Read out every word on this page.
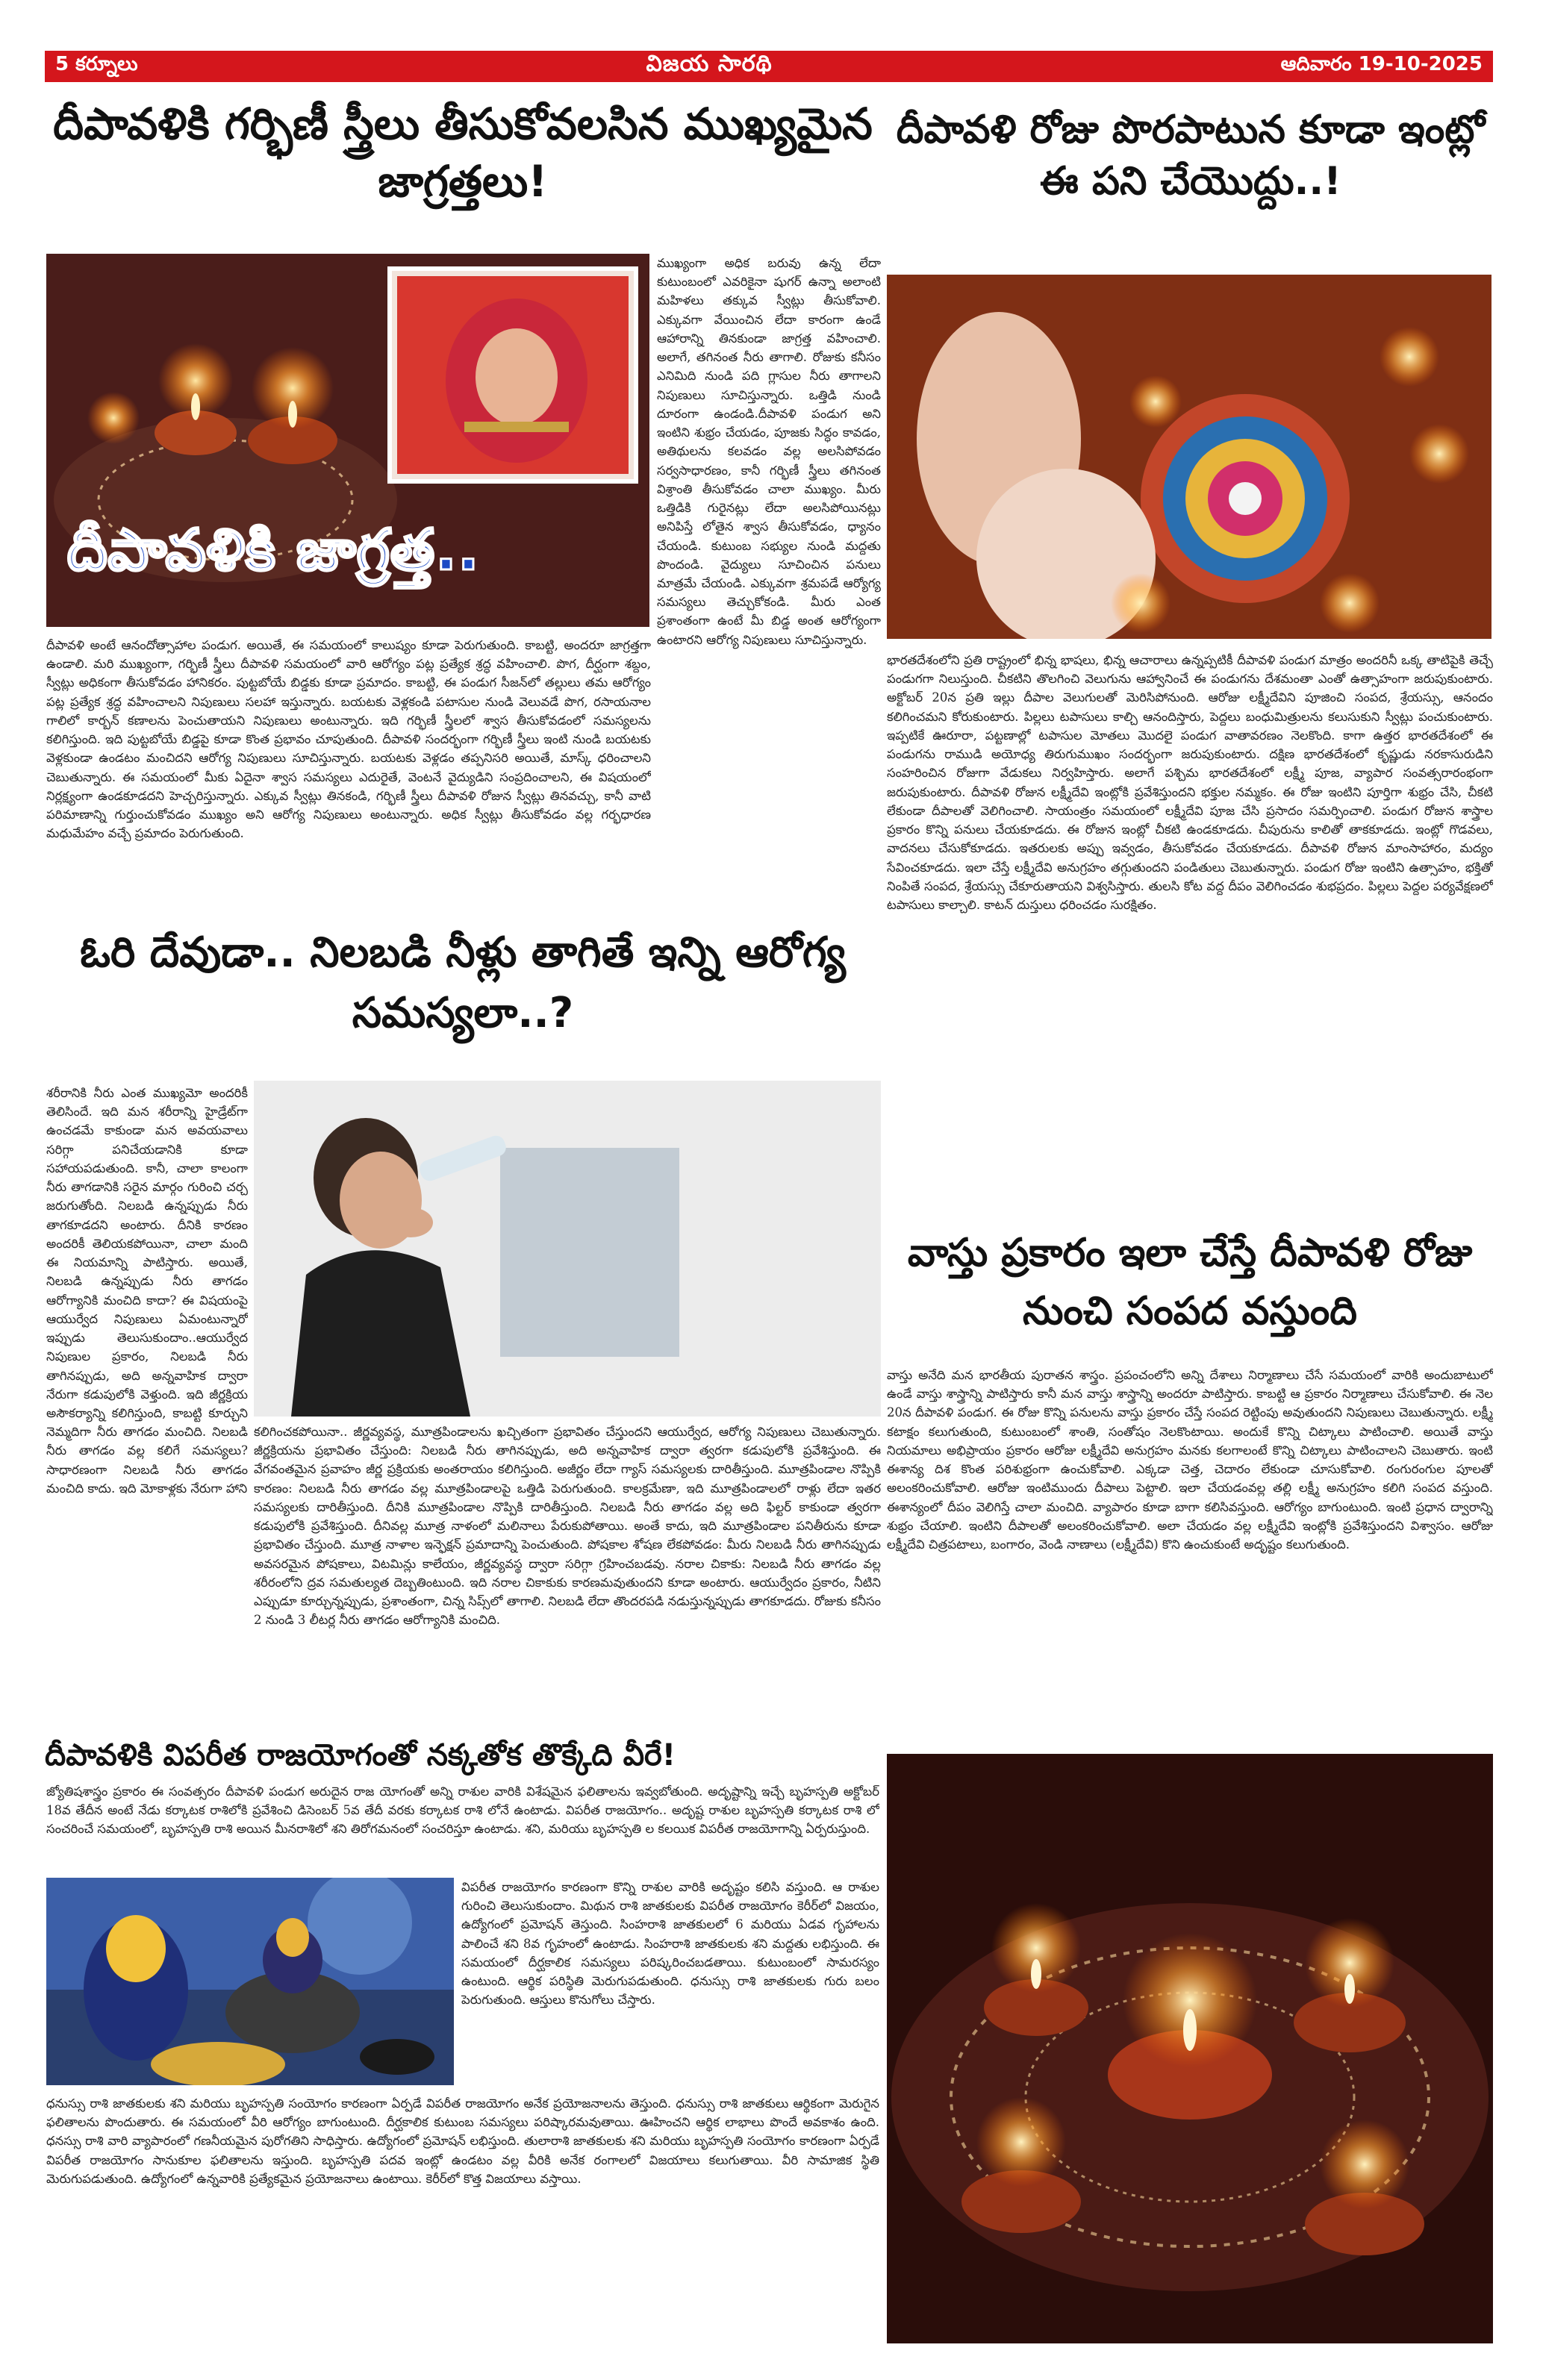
5 కర్నూలు	విజయ సారథి	ఆదివారం 19-10-2025
దీపావళికి గర్భిణీ స్త్రీలు తీసుకోవలసిన ముఖ్యమైన జాగ్రత్తలు!
దీపావళికి జాగ్రత్త..
ముఖ్యంగా అధిక బరువు ఉన్న లేదా కుటుంబంలో ఎవరికైనా షుగర్ ఉన్నా అలాంటి మహిళలు తక్కువ స్వీట్లు తీసుకోవాలి. ఎక్కువగా వేయించిన లేదా కారంగా ఉండే ఆహారాన్ని తినకుండా జాగ్రత్త వహించాలి. అలాగే, తగినంత నీరు తాగాలి. రోజుకు కనీసం ఎనిమిది నుండి పది గ్లాసుల నీరు తాగాలని నిపుణులు సూచిస్తున్నారు. ఒత్తిడి నుండి దూరంగా ఉండండి.దీపావళి పండుగ అని ఇంటిని శుభ్రం చేయడం, పూజకు సిద్ధం కావడం, అతిథులను కలవడం వల్ల అలసిపోవడం సర్వసాధారణం, కానీ గర్భిణీ స్త్రీలు తగినంత విశ్రాంతి తీసుకోవడం చాలా ముఖ్యం. మీరు ఒత్తిడికి గురైనట్లు లేదా అలసిపోయినట్లు అనిపిస్తే లోతైన శ్వాస తీసుకోవడం, ధ్యానం చేయండి. కుటుంబ సభ్యుల నుండి మద్దతు పొందండి. వైద్యులు సూచించిన పనులు మాత్రమే చేయండి. ఎక్కువగా శ్రమపడే ఆర్యోగ్య సమస్యలు తెచ్చుకోకండి. మీరు ఎంత ప్రశాంతంగా ఉంటే మీ బిడ్డ అంత ఆరోగ్యంగా ఉంటారని ఆరోగ్య నిపుణులు సూచిస్తున్నారు.
దీపావళి అంటే ఆనందోత్సాహాల పండుగ. అయితే, ఈ సమయంలో కాలుష్యం కూడా పెరుగుతుంది. కాబట్టి, అందరూ జాగ్రత్తగా ఉండాలి. మరి ముఖ్యంగా, గర్భిణీ స్త్రీలు దీపావళి సమయంలో వారి ఆరోగ్యం పట్ల ప్రత్యేక శ్రద్ధ వహించాలి. పొగ, దీర్ఘంగా శబ్దం, స్వీట్లు అధికంగా తీసుకోవడం హానికరం. పుట్టబోయే బిడ్డకు కూడా ప్రమాదం. కాబట్టి, ఈ పండుగ సీజన్‌లో తల్లులు తమ ఆరోగ్యం పట్ల ప్రత్యేక శ్రద్ధ వహించాలని నిపుణులు సలహా ఇస్తున్నారు. బయటకు వెళ్లకండి పటాసుల నుండి వెలువడే పొగ, రసాయనాల గాలిలో కార్బన్ కణాలను పెంచుతాయని నిపుణులు అంటున్నారు. ఇది గర్భిణీ స్త్రీలలో శ్వాస తీసుకోవడంలో సమస్యలను కలిగిస్తుంది. ఇది పుట్టబోయే బిడ్డపై కూడా కొంత ప్రభావం చూపుతుంది. దీపావళి సందర్భంగా గర్భిణీ స్త్రీలు ఇంటి నుండి బయటకు వెళ్లకుండా ఉండటం మంచిదని ఆరోగ్య నిపుణులు సూచిస్తున్నారు. బయటకు వెళ్లడం తప్పనిసరి అయితే, మాస్క్ ధరించాలని చెబుతున్నారు. ఈ సమయంలో మీకు ఏదైనా శ్వాస సమస్యలు ఎదురైతే, వెంటనే వైద్యుడిని సంప్రదించాలని, ఈ విషయంలో నిర్లక్ష్యంగా ఉండకూడదని హెచ్చరిస్తున్నారు. ఎక్కువ స్వీట్లు తినకండి, గర్భిణీ స్త్రీలు దీపావళి రోజున స్వీట్లు తినవచ్చు, కానీ వాటి పరిమాణాన్ని గుర్తుంచుకోవడం ముఖ్యం అని ఆరోగ్య నిపుణులు అంటున్నారు. అధిక స్వీట్లు తీసుకోవడం వల్ల గర్భధారణ మధుమేహం వచ్చే ప్రమాదం పెరుగుతుంది.
దీపావళి రోజు పొరపాటున కూడా ఇంట్లో ఈ పని చేయొద్దు..!
భారతదేశంలోని ప్రతి రాష్ట్రంలో భిన్న భాషలు, భిన్న ఆచారాలు ఉన్నప్పటికీ దీపావళి పండుగ మాత్రం అందరినీ ఒక్క తాటిపైకి తెచ్చే పండుగగా నిలుస్తుంది. చీకటిని తొలగించి వెలుగును ఆహ్వానించే ఈ పండుగను దేశమంతా ఎంతో ఉత్సాహంగా జరుపుకుంటారు. అక్టోబర్ 20న ప్రతి ఇల్లు దీపాల వెలుగులతో మెరిసిపోనుంది. ఆరోజు లక్ష్మీదేవిని పూజించి సంపద, శ్రేయస్సు, ఆనందం కలిగించమని కోరుకుంటారు. పిల్లలు టపాసులు కాల్చి ఆనందిస్తారు, పెద్దలు బంధుమిత్రులను కలుసుకుని స్వీట్లు పంచుకుంటారు. ఇప్పటికే ఊరూరా, పట్టణాల్లో టపాసుల మోతలు మొదలై పండుగ వాతావరణం నెలకొంది. కాగా ఉత్తర భారతదేశంలో ఈ పండుగను రాముడి అయోధ్య తిరుగుముఖం సందర్భంగా జరుపుకుంటారు. దక్షిణ భారతదేశంలో కృష్ణుడు నరకాసురుడిని సంహరించిన రోజుగా వేడుకలు నిర్వహిస్తారు. అలాగే పశ్చిమ భారతదేశంలో లక్ష్మీ పూజ, వ్యాపార సంవత్సరారంభంగా జరుపుకుంటారు. దీపావళి రోజున లక్ష్మీదేవి ఇంట్లోకి ప్రవేశిస్తుందని భక్తుల నమ్మకం. ఈ రోజు ఇంటిని పూర్తిగా శుభ్రం చేసి, చీకటి లేకుండా దీపాలతో వెలిగించాలి. సాయంత్రం సమయంలో లక్ష్మీదేవి పూజ చేసి ప్రసాదం సమర్పించాలి. పండుగ రోజున శాస్త్రాల ప్రకారం కొన్ని పనులు చేయకూడదు. ఈ రోజున ఇంట్లో చీకటి ఉండకూడదు. చీపురును కాలితో తాకకూడదు. ఇంట్లో గొడవలు, వాదనలు చేసుకోకూడదు. ఇతరులకు అప్పు ఇవ్వడం, తీసుకోవడం చేయకూడదు. దీపావళి రోజున మాంసాహారం, మద్యం సేవించకూడదు. ఇలా చేస్తే లక్ష్మీదేవి అనుగ్రహం తగ్గుతుందని పండితులు చెబుతున్నారు. పండుగ రోజు ఇంటిని ఉత్సాహం, భక్తితో నింపితే సంపద, శ్రేయస్సు చేకూరుతాయని విశ్వసిస్తారు. తులసి కోట వద్ద దీపం వెలిగించడం శుభప్రదం. పిల్లలు పెద్దల పర్యవేక్షణలో టపాసులు కాల్చాలి. కాటన్ దుస్తులు ధరించడం సురక్షితం.
ఓరి దేవుడా.. నిలబడి నీళ్లు తాగితే ఇన్ని ఆరోగ్య సమస్యలా..?
శరీరానికి నీరు ఎంత ముఖ్యమో అందరికీ తెలిసిందే. ఇది మన శరీరాన్ని హైడ్రేట్‌గా ఉంచడమే కాకుండా మన అవయవాలు సరిగ్గా పనిచేయడానికి కూడా సహాయపడుతుంది. కానీ, చాలా కాలంగా నీరు తాగడానికి సరైన మార్గం గురించి చర్చ జరుగుతోంది. నిలబడి ఉన్నప్పుడు నీరు తాగకూడదని అంటారు. దీనికి కారణం అందరికీ తెలియకపోయినా, చాలా మంది ఈ నియమాన్ని పాటిస్తారు. అయితే, నిలబడి ఉన్నప్పుడు నీరు తాగడం ఆరోగ్యానికి మంచిది కాదా? ఈ విషయంపై ఆయుర్వేద నిపుణులు ఏమంటున్నారో ఇప్పుడు తెలుసుకుందాం..ఆయుర్వేద నిపుణుల ప్రకారం, నిలబడి నీరు తాగినప్పుడు, అది అన్నవాహిక ద్వారా నేరుగా కడుపులోకి వెళ్తుంది. ఇది జీర్ణక్రియ అసౌకర్యాన్ని కలిగిస్తుంది, కాబట్టి కూర్చుని నెమ్మదిగా నీరు తాగడం మంచిది. నిలబడి నీరు తాగడం వల్ల కలిగే సమస్యలు?సాధారణంగా నిలబడి నీరు తాగడం మంచిది కాదు. ఇది మోకాళ్లకు నేరుగా హాని
కలిగించకపోయినా.. జీర్ణవ్యవస్థ, మూత్రపిండాలను ఖచ్చితంగా ప్రభావితం చేస్తుందని ఆయుర్వేద, ఆరోగ్య నిపుణులు చెబుతున్నారు. జీర్ణక్రియను ప్రభావితం చేస్తుంది: నిలబడి నీరు తాగినప్పుడు, అది అన్నవాహిక ద్వారా త్వరగా కడుపులోకి ప్రవేశిస్తుంది. ఈ వేగవంతమైన ప్రవాహం జీర్ణ ప్రక్రియకు అంతరాయం కలిగిస్తుంది. అజీర్ణం లేదా గ్యాస్ సమస్యలకు దారితీస్తుంది. మూత్రపిండాల నొప్పికి కారణం: నిలబడి నీరు తాగడం వల్ల మూత్రపిండాలపై ఒత్తిడి పెరుగుతుంది. కాలక్రమేణా, ఇది మూత్రపిండాలలో రాళ్లు లేదా ఇతర సమస్యలకు దారితీస్తుంది. దీనికి మూత్రపిండాల నొప్పికి దారితీస్తుంది. నిలబడి నీరు తాగడం వల్ల అది ఫిల్టర్ కాకుండా త్వరగా కడుపులోకి ప్రవేశిస్తుంది. దీనివల్ల మూత్ర నాళంలో మలినాలు పేరుకుపోతాయి. అంతే కాదు, ఇది మూత్రపిండాల పనితీరును కూడా ప్రభావితం చేస్తుంది. మూత్ర నాళాల ఇన్ఫెక్షన్ ప్రమాదాన్ని పెంచుతుంది. పోషకాల శోషణ లేకపోవడం: మీరు నిలబడి నీరు తాగినప్పుడు అవసరమైన పోషకాలు, విటమిన్లు కాలేయం, జీర్ణవ్యవస్థ ద్వారా సరిగ్గా గ్రహించబడవు. నరాల చికాకు: నిలబడి నీరు తాగడం వల్ల శరీరంలోని ద్రవ సమతుల్యత దెబ్బతింటుంది. ఇది నరాల చికాకుకు కారణమవుతుందని కూడా అంటారు. ఆయుర్వేదం ప్రకారం, నీటిని ఎప్పుడూ కూర్చున్నప్పుడు, ప్రశాంతంగా, చిన్న సిప్స్‌లో తాగాలి. నిలబడి లేదా తొందరపడి నడుస్తున్నప్పుడు తాగకూడదు. రోజుకు కనీసం 2 నుండి 3 లీటర్ల నీరు తాగడం ఆరోగ్యానికి మంచిది.
వాస్తు ప్రకారం ఇలా చేస్తే దీపావళి రోజు నుంచి సంపద వస్తుంది
వాస్తు అనేది మన భారతీయ పురాతన శాస్త్రం. ప్రపంచంలోని అన్ని దేశాలు నిర్మాణాలు చేసే సమయంలో వారికి అందుబాటులో ఉండే వాస్తు శాస్త్రాన్ని పాటిస్తారు కానీ మన వాస్తు శాస్త్రాన్ని అందరూ పాటిస్తారు. కాబట్టి ఆ ప్రకారం నిర్మాణాలు చేసుకోవాలి. ఈ నెల 20న దీపావళి పండుగ. ఈ రోజు కొన్ని పనులను వాస్తు ప్రకారం చేస్తే సంపద రెట్టింపు అవుతుందని నిపుణులు చెబుతున్నారు. లక్ష్మీ కటాక్షం కలుగుతుంది, కుటుంబంలో శాంతి, సంతోషం నెలకొంటాయి. అందుకే కొన్ని చిట్కాలు పాటించాలి. అయితే వాస్తు నియమాలు అభిప్రాయం ప్రకారం ఆరోజు లక్ష్మీదేవి అనుగ్రహం మనకు కలగాలంటే కొన్ని చిట్కాలు పాటించాలని చెబుతారు. ఇంటి ఈశాన్య దిశ కొంత పరిశుభ్రంగా ఉంచుకోవాలి. ఎక్కడా చెత్త, చెదారం లేకుండా చూసుకోవాలి. రంగురంగుల పూలతో అలంకరించుకోవాలి. ఆరోజు ఇంటిముందు దీపాలు పెట్టాలి. ఇలా చేయడంవల్ల తల్లి లక్ష్మీ అనుగ్రహం కలిగి సంపద వస్తుంది. ఈశాన్యంలో దీపం వెలిగిస్తే చాలా మంచిది. వ్యాపారం కూడా బాగా కలిసివస్తుంది. ఆరోగ్యం బాగుంటుంది. ఇంటి ప్రధాన ద్వారాన్ని శుభ్రం చేయాలి. ఇంటిని దీపాలతో అలంకరించుకోవాలి. అలా చేయడం వల్ల లక్ష్మీదేవి ఇంట్లోకి ప్రవేశిస్తుందని విశ్వాసం. ఆరోజు లక్ష్మీదేవి చిత్రపటాలు, బంగారం, వెండి నాణాలు (లక్ష్మీదేవి) కొని ఉంచుకుంటే అదృష్టం కలుగుతుంది.
దీపావళికి విపరీత రాజయోగంతో నక్కతోక తొక్కేది వీరే!
జ్యోతిషశాస్త్రం ప్రకారం ఈ సంవత్సరం దీపావళి పండుగ అరుదైన రాజ యోగంతో అన్ని రాశుల వారికి విశేషమైన ఫలితాలను ఇవ్వబోతుంది. అదృష్టాన్ని ఇచ్చే బృహస్పతి అక్టోబర్ 18వ తేదీన అంటే నేడు కర్కాటక రాశిలోకి ప్రవేశించి డిసెంబర్ 5వ తేదీ వరకు కర్కాటక రాశి లోనే ఉంటాడు. విపరీత రాజయోగం.. అదృష్ట రాశుల బృహస్పతి కర్కాటక రాశి లో సంచరించే సమయంలో, బృహస్పతి రాశి అయిన మీనరాశిలో శని తిరోగమనంలో సంచరిస్తూ ఉంటాడు. శని, మరియు బృహస్పతి ల కలయిక విపరీత రాజయోగాన్ని ఏర్పరుస్తుంది.
విపరీత రాజయోగం కారణంగా కొన్ని రాశుల వారికి అదృష్టం కలిసి వస్తుంది. ఆ రాశుల గురించి తెలుసుకుందాం. మిథున రాశి జాతకులకు విపరీత రాజయోగం కెరీర్‌లో విజయం, ఉద్యోగంలో ప్రమోషన్ తెస్తుంది. సింహరాశి జాతకులలో 6 మరియు ఏడవ గృహాలను పాలించే శని 8వ గృహంలో ఉంటాడు. సింహరాశి జాతకులకు శని మద్దతు లభిస్తుంది. ఈ సమయంలో దీర్ఘకాలిక సమస్యలు పరిష్కరించబడతాయి. కుటుంబంలో సామరస్యం ఉంటుంది. ఆర్థిక పరిస్థితి మెరుగుపడుతుంది. ధనుస్సు రాశి జాతకులకు గురు బలం పెరుగుతుంది. ఆస్తులు కొనుగోలు చేస్తారు.
ధనుస్సు రాశి జాతకులకు శని మరియు బృహస్పతి సంయోగం కారణంగా ఏర్పడే విపరీత రాజయోగం అనేక ప్రయోజనాలను తెస్తుంది. ధనుస్సు రాశి జాతకులు ఆర్థికంగా మెరుగైన ఫలితాలను పొందుతారు. ఈ సమయంలో వీరి ఆరోగ్యం బాగుంటుంది. దీర్ఘకాలిక కుటుంబ సమస్యలు పరిష్కారమవుతాయి. ఊహించని ఆర్థిక లాభాలు పొందే అవకాశం ఉంది. ధనస్సు రాశి వారి వ్యాపారంలో గణనీయమైన పురోగతిని సాధిస్తారు. ఉద్యోగంలో ప్రమోషన్ లభిస్తుంది. తులారాశి జాతకులకు శని మరియు బృహస్పతి సంయోగం కారణంగా ఏర్పడే విపరీత రాజయోగం సానుకూల ఫలితాలను ఇస్తుంది. బృహస్పతి పదవ ఇంట్లో ఉండటం వల్ల వీరికి అనేక రంగాలలో విజయాలు కలుగుతాయి. వీరి సామాజిక స్థితి మెరుగుపడుతుంది. ఉద్యోగంలో ఉన్నవారికి ప్రత్యేకమైన ప్రయోజనాలు ఉంటాయి. కెరీర్‌లో కొత్త విజయాలు వస్తాయి.
